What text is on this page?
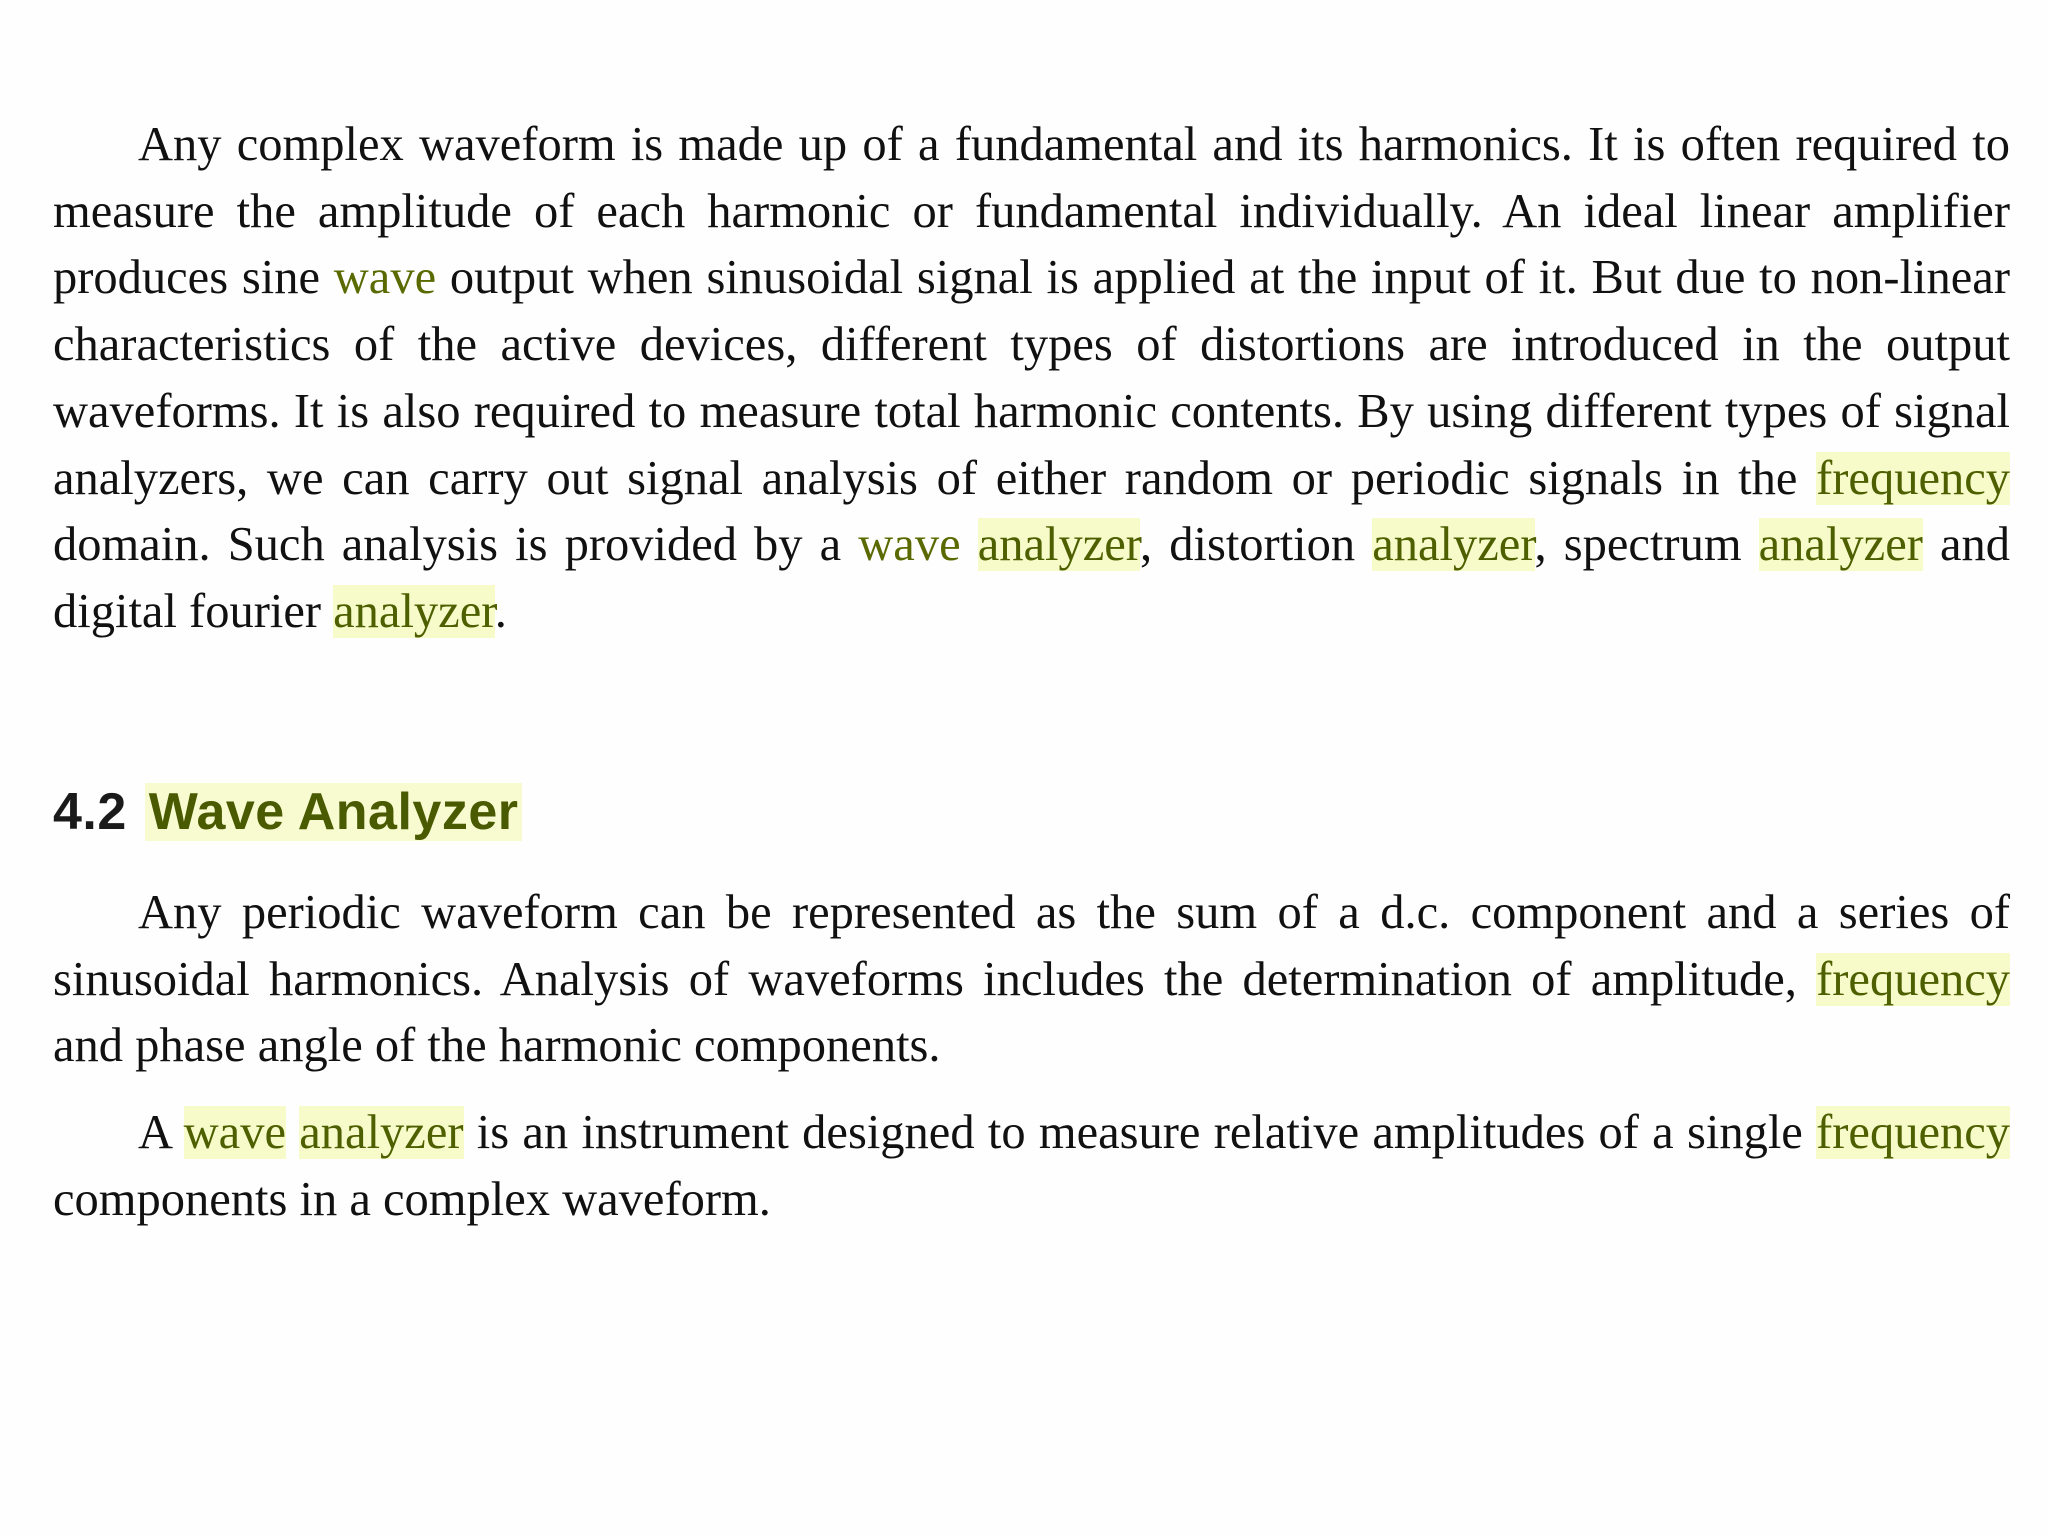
Any complex waveform is made up of a fundamental and its harmonics. It is often required to measure the amplitude of each harmonic or fundamental individually. An ideal linear amplifier produces sine wave output when sinusoidal signal is applied at the input of it. But due to non-linear characteristics of the active devices, different types of distortions are introduced in the output waveforms. It is also required to measure total harmonic contents. By using different types of signal analyzers, we can carry out signal analysis of either random or periodic signals in the frequency domain. Such analysis is provided by a wave analyzer, distortion analyzer, spectrum analyzer and digital fourier analyzer.

4.2 Wave Analyzer

Any periodic waveform can be represented as the sum of a d.c. component and a series of sinusoidal harmonics. Analysis of waveforms includes the determination of amplitude, frequency and phase angle of the harmonic components.

A wave analyzer is an instrument designed to measure relative amplitudes of a single frequency components in a complex waveform.
